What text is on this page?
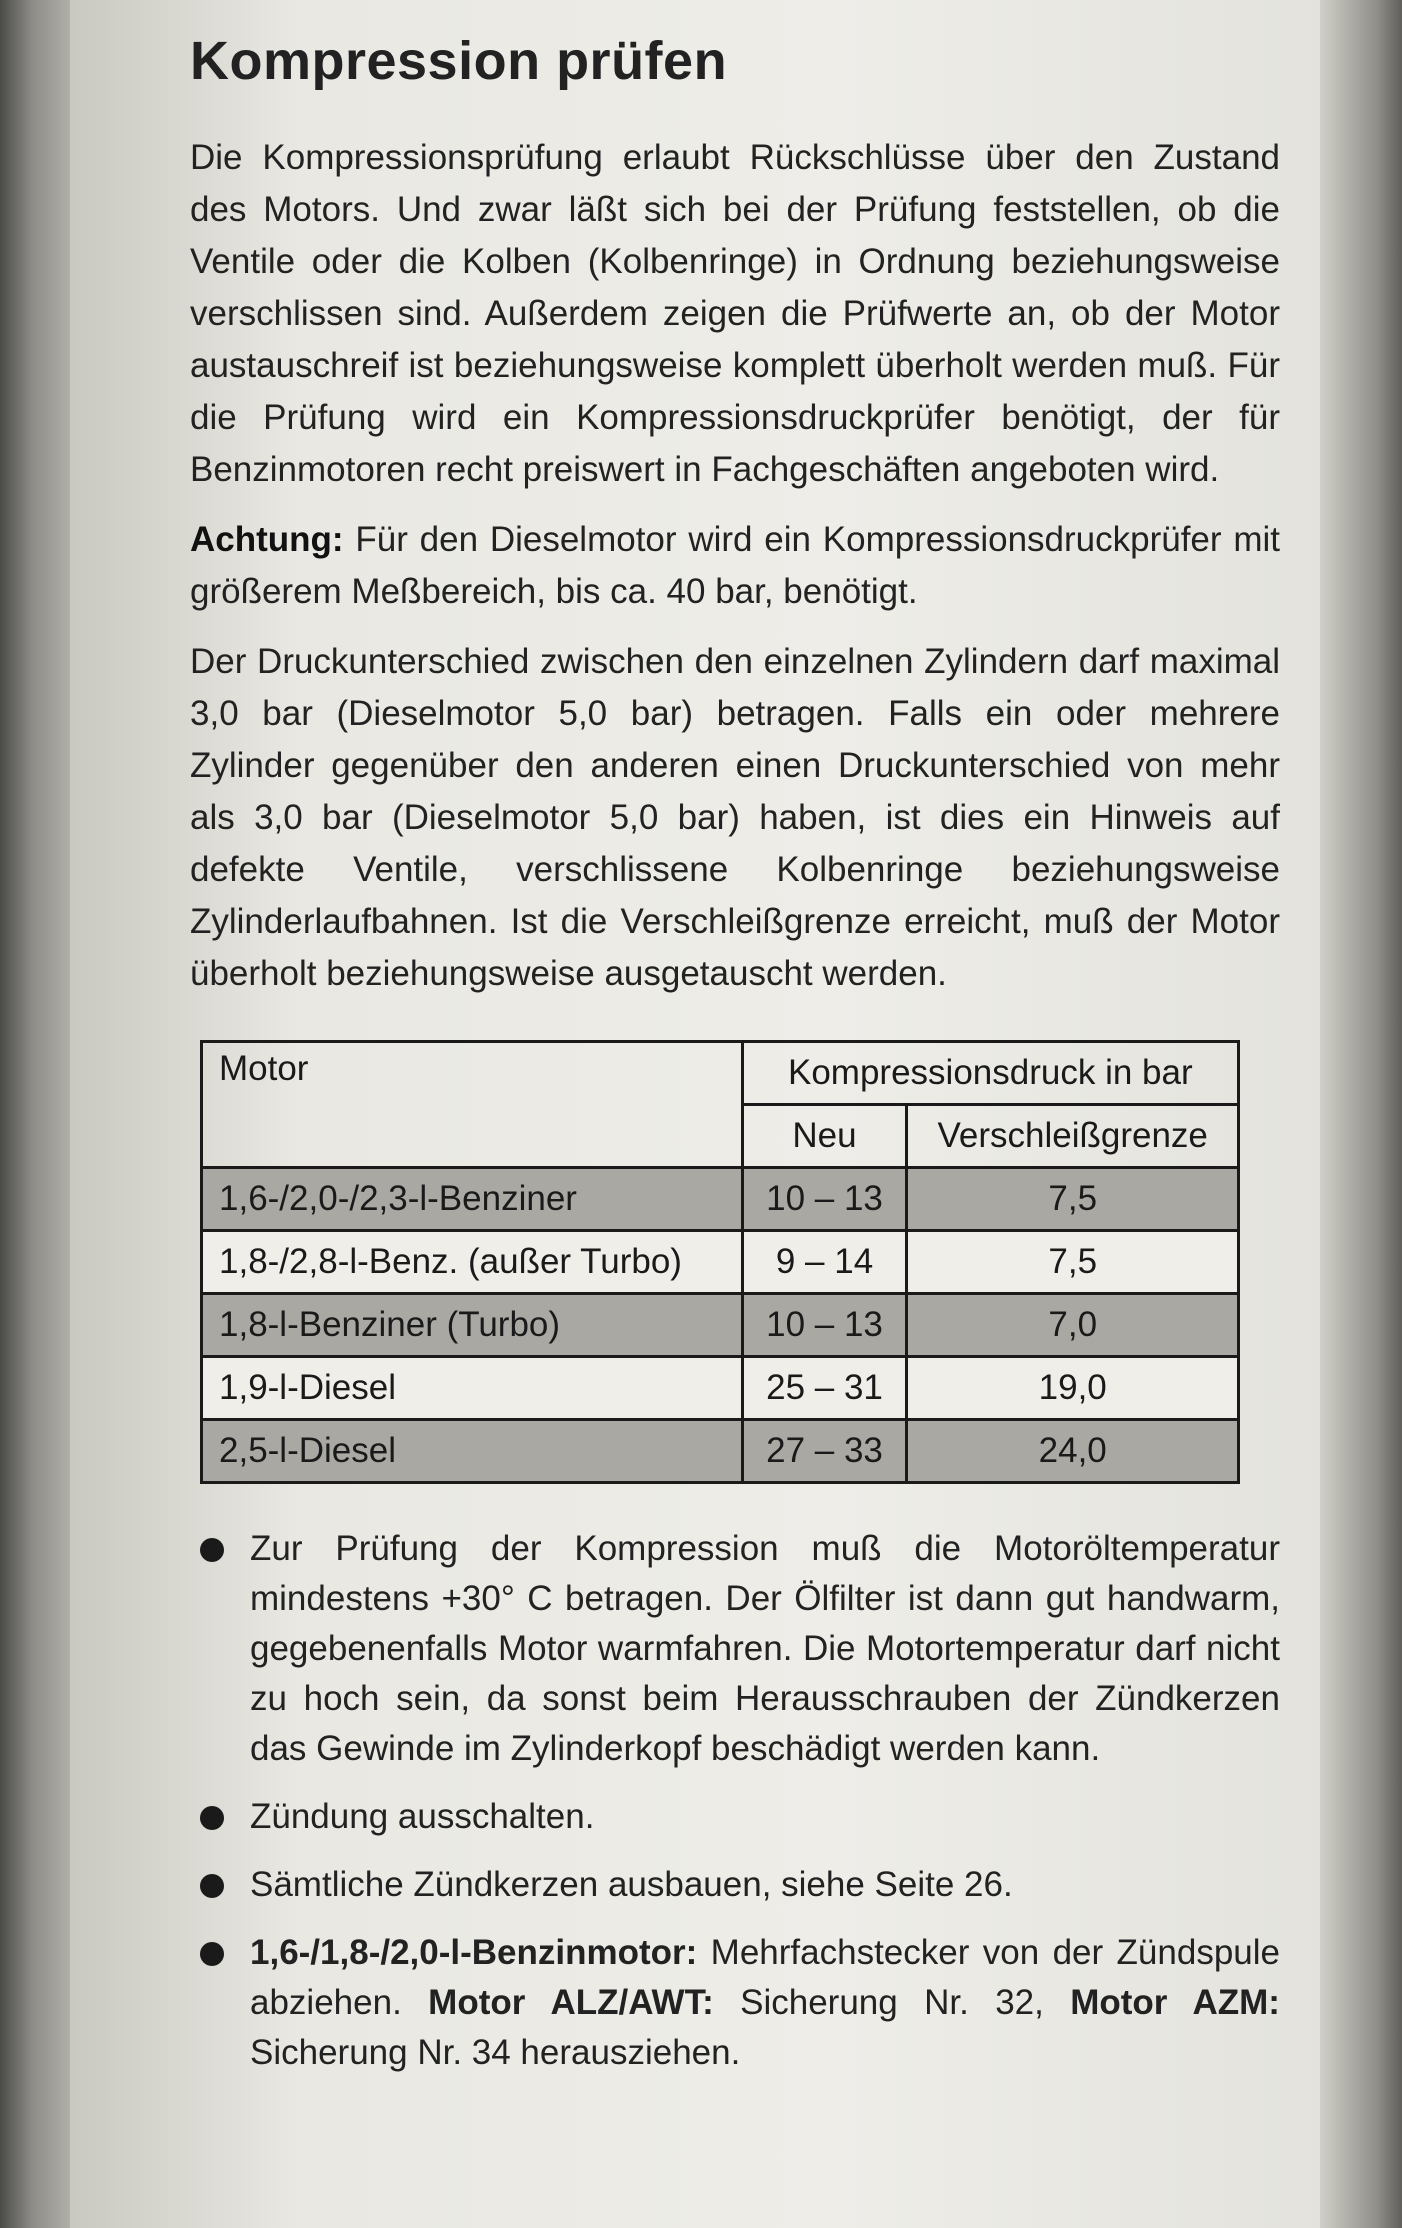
Kompression prüfen

Die Kompressionsprüfung erlaubt Rückschlüsse über den Zustand des Motors. Und zwar läßt sich bei der Prüfung feststellen, ob die Ventile oder die Kolben (Kolbenringe) in Ordnung beziehungsweise verschlissen sind. Außerdem zeigen die Prüfwerte an, ob der Motor austauschreif ist beziehungsweise komplett überholt werden muß. Für die Prüfung wird ein Kompressionsdruckprüfer benötigt, der für Benzinmotoren recht preiswert in Fachgeschäften angeboten wird.

Achtung: Für den Dieselmotor wird ein Kompressionsdruckprüfer mit größerem Meßbereich, bis ca. 40 bar, benötigt.

Der Druckunterschied zwischen den einzelnen Zylindern darf maximal 3,0 bar (Dieselmotor 5,0 bar) betragen. Falls ein oder mehrere Zylinder gegenüber den anderen einen Druckunterschied von mehr als 3,0 bar (Dieselmotor 5,0 bar) haben, ist dies ein Hinweis auf defekte Ventile, verschlissene Kolbenringe beziehungsweise Zylinderlaufbahnen. Ist die Verschleißgrenze erreicht, muß der Motor überholt beziehungsweise ausgetauscht werden.

Motor	Kompressionsdruck in bar	
	Neu	Verschleißgrenze
1,6-/2,0-/2,3-l-Benziner	10 – 13	7,5
1,8-/2,8-l-Benz. (außer Turbo)	9 – 14	7,5
1,8-l-Benziner (Turbo)	10 – 13	7,0
1,9-l-Diesel	25 – 31	19,0
2,5-l-Diesel	27 – 33	24,0
Zur Prüfung der Kompression muß die Motoröltemperatur mindestens +30° C betragen. Der Ölfilter ist dann gut handwarm, gegebenenfalls Motor warmfahren. Die Motortemperatur darf nicht zu hoch sein, da sonst beim Herausschrauben der Zündkerzen das Gewinde im Zylinderkopf beschädigt werden kann.
Zündung ausschalten.
Sämtliche Zündkerzen ausbauen, siehe Seite 26.
1,6-/1,8-/2,0-l-Benzinmotor: Mehrfachstecker von der Zündspule abziehen. Motor ALZ/AWT: Sicherung Nr. 32, Motor AZM: Sicherung Nr. 34 herausziehen.
